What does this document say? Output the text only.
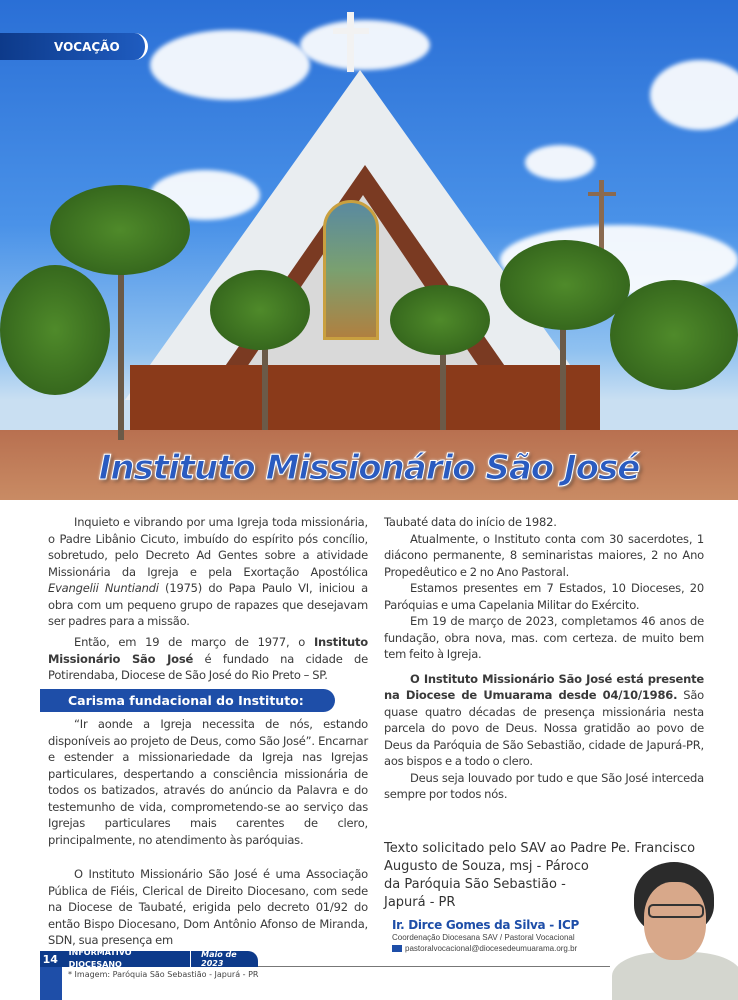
Instituto Missionário São José
VOCAÇÃO

Inquieto e vibrando por uma Igreja toda missionária, o Padre Libânio Cicuto, imbuído do espírito pós concílio, sobretudo, pelo Decreto Ad Gentes sobre a atividade Missionária da Igreja e pela Exortação Apostólica Evangelii Nuntiandi (1975) do Papa Paulo VI, iniciou a obra com um pequeno grupo de rapazes que desejavam ser padres para a missão.

Então, em 19 de março de 1977, o Instituto Missionário São José é fundado na cidade de Potirendaba, Diocese de São José do Rio Preto – SP.

Carisma fundacional do Instituto:

“Ir aonde a Igreja necessita de nós, estando disponíveis ao projeto de Deus, como São José”. Encarnar e estender a missionariedade da Igreja nas Igrejas particulares, despertando a consciência missionária de todos os batizados, através do anúncio da Palavra e do testemunho de vida, comprometendo-se ao serviço das Igrejas particulares mais carentes de clero, principalmente, no atendimento às paróquias.

O Instituto Missionário São José é uma Associação Pública de Fiéis, Clerical de Direito Diocesano, com sede na Diocese de Taubaté, erigida pelo decreto 01/92 do então Bispo Diocesano, Dom Antônio Afonso de Miranda, SDN, sua presença em

Taubaté data do início de 1982.

Atualmente, o Instituto conta com 30 sacerdotes, 1 diácono permanente, 8 seminaristas maiores, 2 no Ano Propedêutico e 2 no Ano Pastoral.

Estamos presentes em 7 Estados, 10 Dioceses, 20 Paróquias e uma Capelania Militar do Exército.

Em 19 de março de 2023, completamos 46 anos de fundação, obra nova, mas. com certeza. de muito bem tem feito à Igreja.

O Instituto Missionário São José está presente na Diocese de Umuarama desde 04/10/1986. São quase quatro décadas de presença missionária nesta parcela do povo de Deus. Nossa gratidão ao povo de Deus da Paróquia de São Sebastião, cidade de Japurá-PR, aos bispos e a todo o clero.

Deus seja louvado por tudo e que São José interceda sempre por todos nós.

Texto solicitado pelo SAV ao Padre Pe. Francisco Augusto de Souza, msj - Pároco da Paróquia São Sebastião - Japurá - PR
Ir. Dirce Gomes da Silva - ICP
Coordenação Diocesana SAV / Pastoral Vocacional
pastoralvocacional@diocesedeumuarama.org.br
14	INFORMATIVO DIOCESANO
Maio de 2023
* Imagem: Paróquia São Sebastião - Japurá - PR
